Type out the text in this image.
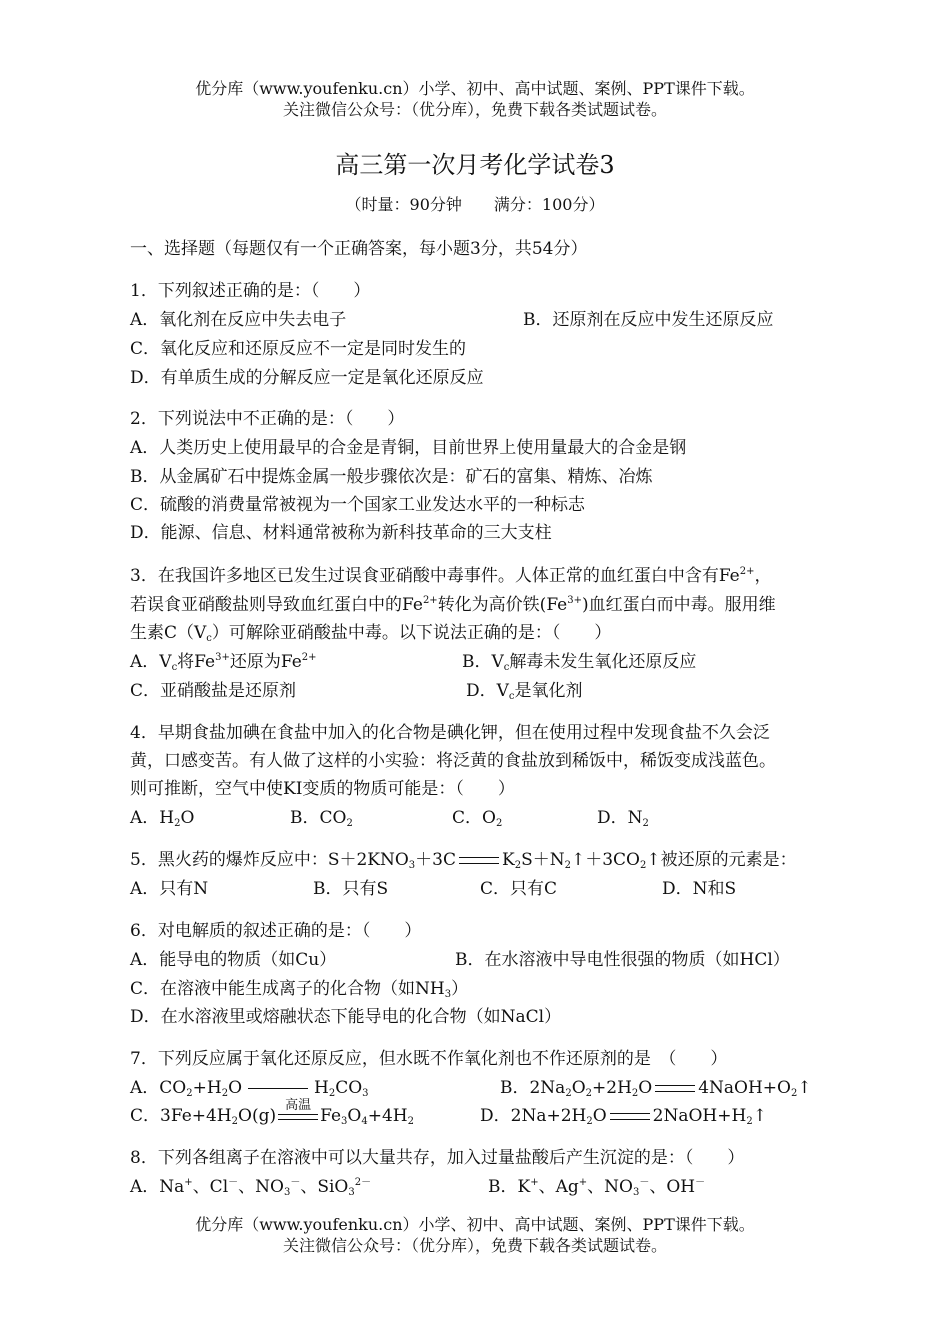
优分库（www.youfenku.cn）小学、初中、高中试题、案例、PPT课件下载。
关注微信公众号：（优分库），免费下载各类试题试卷。
高三第一次月考化学试卷3
（时量：90分钟　　满分：100分）
一、选择题（每题仅有一个正确答案，每小题3分，共54分）
1．下列叙述正确的是：（　　）
A．氧化剂在反应中失去电子	B．还原剂在反应中发生还原反应
C．氧化反应和还原反应不一定是同时发生的
D．有单质生成的分解反应一定是氧化还原反应
2．下列说法中不正确的是：（　　）
A．人类历史上使用最早的合金是青铜，目前世界上使用量最大的合金是钢
B．从金属矿石中提炼金属一般步骤依次是：矿石的富集、精炼、冶炼
C．硫酸的消费量常被视为一个国家工业发达水平的一种标志
D．能源、信息、材料通常被称为新科技革命的三大支柱
3．在我国许多地区已发生过误食亚硝酸中毒事件。人体正常的血红蛋白中含有$Fe^{2+}$，
若误食亚硝酸盐则导致血红蛋白中的$Fe^{2+}$转化为高价铁$(Fe^{3+})$血红蛋白而中毒。服用维
生素$C(V_c)$可解除亚硝酸盐中毒。以下说法正确的是：（　　）
A．$V_c$将$Fe^{3+}$还原为$Fe^{2+}$	B．$V_c$解毒未发生氧化还原反应
C．亚硝酸盐是还原剂	D．$V_c$是氧化剂
4．早期食盐加碘在食盐中加入的化合物是碘化钾，但在使用过程中发现食盐不久会泛
黄，口感变苦。有人做了这样的小实验：将泛黄的食盐放到稀饭中，稀饭变成浅蓝色。
则可推断，空气中使KI变质的物质可能是：（　　）
A．$H_2O$	B．$CO_2$	C．$O_2$	D．$N_2$
5．黑火药的爆炸反应中：$S+2KNO_3+3C$	$K_2S+N_2↑+3CO_2↑$被还原的元素是：
A．只有N	B．只有S	C．只有C	D．N和S
6．对电解质的叙述正确的是：（　　）
A．能导电的物质（如Cu）	B．在水溶液中导电性很强的物质（如HCl）
C．在溶液中能生成离子的化合物（如$NH_3$）
D．在水溶液里或熔融状态下能导电的化合物（如NaCl）
7．下列反应属于氧化还原反应，但水既不作氧化剂也不作还原剂的是　（　　）
A．$CO_2+H_2O$	$H_2CO_3$	B．$2Na_2O_2+2H_2O$	$4NaOH+O_2↑$
C．$3Fe+4H_2O(g)$
高温
$Fe_3O_4+4H_2$	D．$2Na+2H_2O$	$2NaOH+H_2↑$
8．下列各组离子在溶液中可以大量共存，加入过量盐酸后产生沉淀的是：（　　）
A．Na+、Cl－、$NO_3^-$、SiO$_3^{2-}$	B．K+、Ag+、$NO_3^-$、OH－
优分库（www.youfenku.cn）小学、初中、高中试题、案例、PPT课件下载。
关注微信公众号：（优分库），免费下载各类试题试卷。
